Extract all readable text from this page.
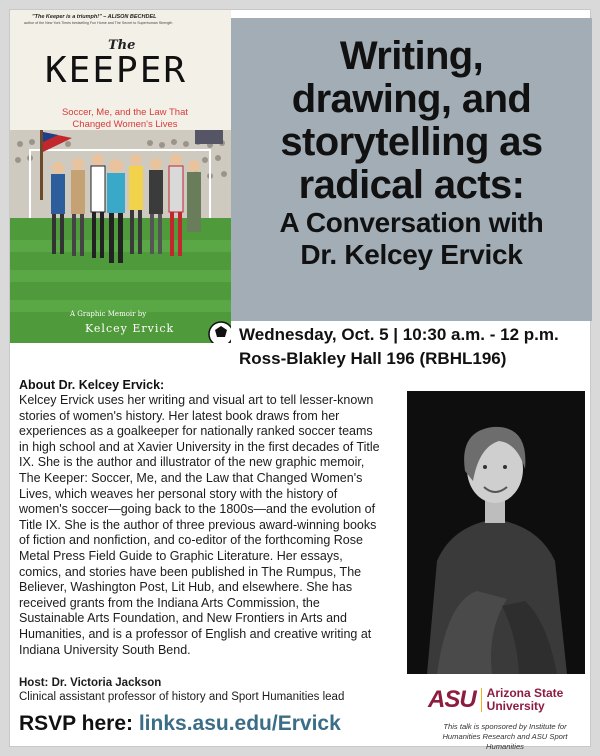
"The Keeper is a triumph!" – ALISON BECHDEL
author of the New York Times bestselling Fun Home and The Secret to Superhuman Strength
The
KEEPER
Soccer, Me, and the Law That Changed Women's Lives
A Graphic Memoir by
Kelcey Ervick
Writing,
drawing, and
storytelling as
radical acts:
A Conversation with
Dr. Kelcey Ervick
Wednesday, Oct. 5 | 10:30 a.m. - 12 p.m.
Ross-Blakley Hall 196 (RBHL196)
About Dr. Kelcey Ervick:
Kelcey Ervick uses her writing and visual art to tell lesser-known
stories of women's history. Her latest book draws from her
experiences as a goalkeeper for nationally ranked soccer teams
in high school and at Xavier University in the first decades of Title
IX. She is the author and illustrator of the new graphic memoir,
The Keeper: Soccer, Me, and the Law that Changed Women's
Lives, which weaves her personal story with the history of
women's soccer—going back to the 1800s—and the evolution of
Title IX. She is the author of three previous award-winning books
of fiction and nonfiction, and co-editor of the forthcoming Rose
Metal Press Field Guide to Graphic Literature. Her essays,
comics, and stories have been published in The Rumpus, The
Believer, Washington Post, Lit Hub, and elsewhere. She has
received grants from the Indiana Arts Commission, the
Sustainable Arts Foundation, and New Frontiers in Arts and
Humanities, and is a professor of English and creative writing at
Indiana University South Bend.
Host: Dr. Victoria Jackson
Clinical assistant professor of history and Sport Humanities lead
RSVP here: links.asu.edu/Ervick
ASU Arizona State
University
This talk is sponsored by Institute for Humanities Research and ASU Sport Humanities
